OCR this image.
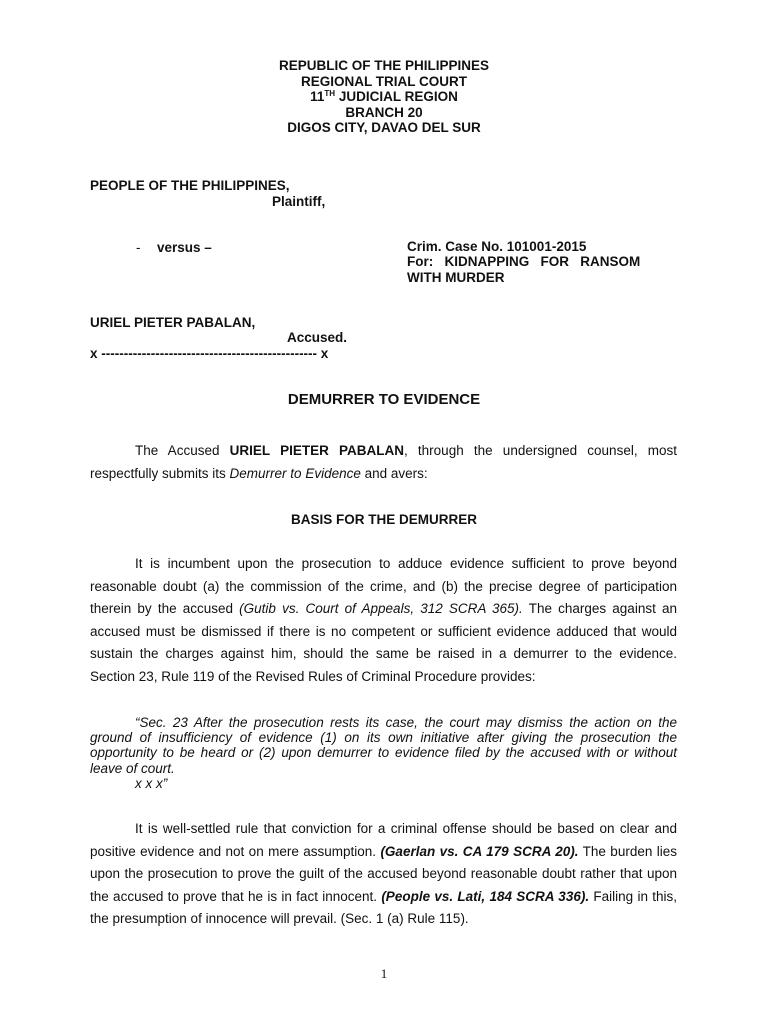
REPUBLIC OF THE PHILIPPINES
REGIONAL TRIAL COURT
11TH JUDICIAL REGION
BRANCH 20
DIGOS CITY, DAVAO DEL SUR
PEOPLE OF THE PHILIPPINES,
Plaintiff,
- versus –	Crim. Case No. 101001-2015
For:   KIDNAPPING   FOR   RANSOM
WITH MURDER
URIEL PIETER PABALAN,
Accused.
x ------------------------------------------------ x
DEMURRER TO EVIDENCE

The Accused URIEL PIETER PABALAN, through the undersigned counsel, most respectfully submits its Demurrer to Evidence and avers:

BASIS FOR THE DEMURRER

It is incumbent upon the prosecution to adduce evidence sufficient to prove beyond reasonable doubt (a) the commission of the crime, and (b) the precise degree of participation therein by the accused (Gutib vs. Court of Appeals, 312 SCRA 365). The charges against an accused must be dismissed if there is no competent or sufficient evidence adduced that would sustain the charges against him, should the same be raised in a demurrer to the evidence. Section 23, Rule 119 of the Revised Rules of Criminal Procedure provides:

“Sec. 23 After the prosecution rests its case, the court may dismiss the action on the ground of insufficiency of evidence (1) on its own initiative after giving the prosecution the opportunity to be heard or (2) upon demurrer to evidence filed by the accused with or without leave of court.

x x x”

It is well-settled rule that conviction for a criminal offense should be based on clear and positive evidence and not on mere assumption. (Gaerlan vs. CA 179 SCRA 20). The burden lies upon the prosecution to prove the guilt of the accused beyond reasonable doubt rather that upon the accused to prove that he is in fact innocent. (People vs. Lati, 184 SCRA 336). Failing in this, the presumption of innocence will prevail. (Sec. 1 (a) Rule 115).

1
